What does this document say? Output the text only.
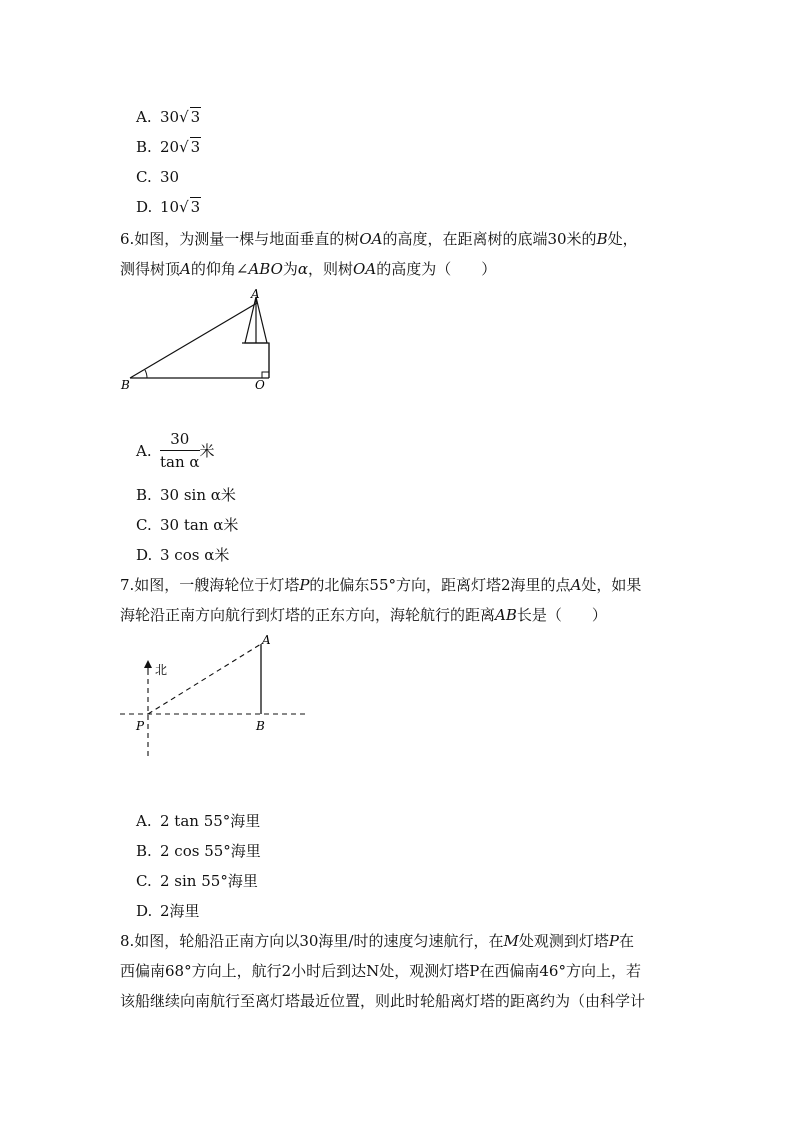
A. 30√ 3
B. 20√ 3
C. 30
D. 10√ 3
6.如图，为测量一棵与地面垂直的树OA的高度，在距离树的底端30米的B处，
测得树顶A的仰角∠ABO为α，则树OA的高度为（　　）
A
B	O
A. $\frac{30}{\text{tan α}}$ 米
B. 30 sin α米
C. 30 tan α米
D. 3 cos α米
7.如图，一艘海轮位于灯塔P的北偏东55°方向，距离灯塔2海里的点A处，如果
海轮沿正南方向航行到灯塔的正东方向，海轮航行的距离AB长是（　　）
北
A
P	B
A. 2 tan 55°海里
B. 2 cos 55°海里
C. 2 sin 55°海里
D. 2海里
8.如图，轮船沿正南方向以30海里/时的速度匀速航行，在M处观测到灯塔P在
西偏南68°方向上，航行2小时后到达N处，观测灯塔P在西偏南46°方向上，若
该船继续向南航行至离灯塔最近位置，则此时轮船离灯塔的距离约为（由科学计
